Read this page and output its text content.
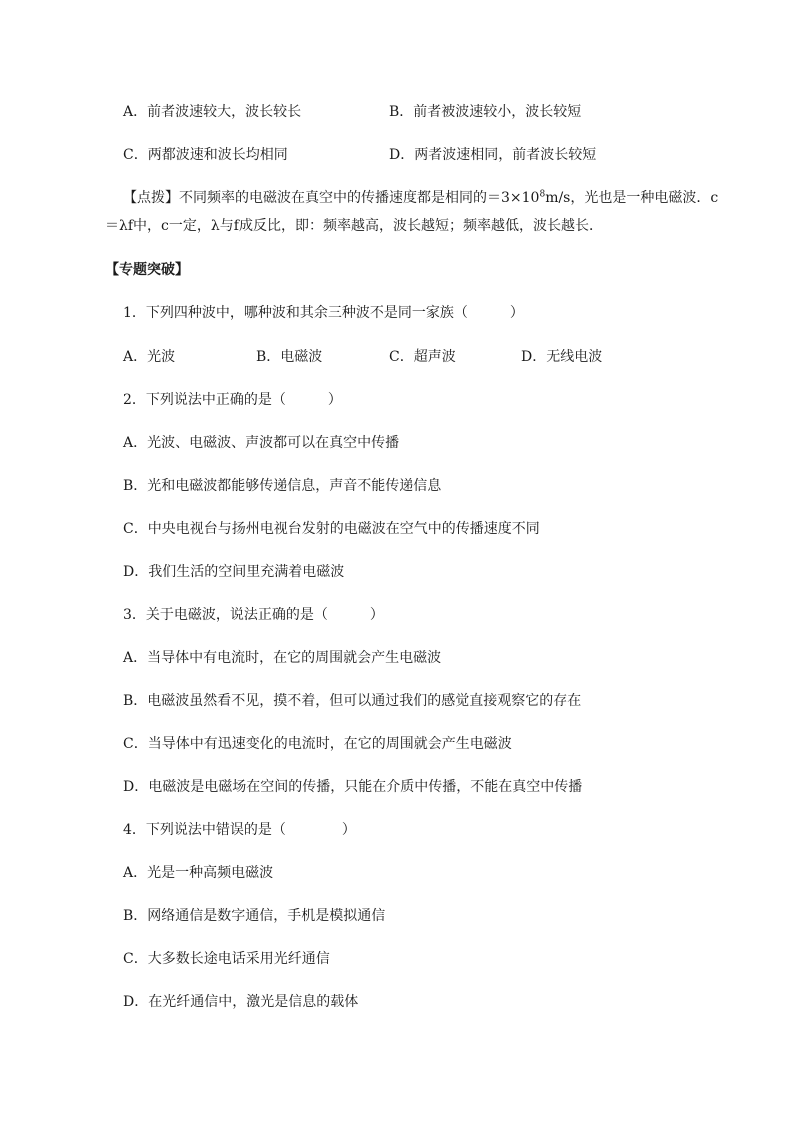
A．前者波速较大，波长较长	B．前者被波速较小，波长较短
C．两都波速和波长均相同	D．两者波速相同，前者波长较短
【点拨】不同频率的电磁波在真空中的传播速度都是相同的$=3\times 10^8m/s$，光也是一种电磁波．c
＝λf中，c一定，λ与f成反比，即：频率越高，波长越短；频率越低，波长越长．
【专题突破】
1．下列四种波中，哪种波和其余三种波不是同一家族（　　　）
A．光波	B．电磁波	C．超声波	D．无线电波
2．下列说法中正确的是（　　　）
A．光波、电磁波、声波都可以在真空中传播
B．光和电磁波都能够传递信息，声音不能传递信息
C．中央电视台与扬州电视台发射的电磁波在空气中的传播速度不同
D．我们生活的空间里充满着电磁波
3．关于电磁波，说法正确的是（　　　）
A．当导体中有电流时，在它的周围就会产生电磁波
B．电磁波虽然看不见，摸不着，但可以通过我们的感觉直接观察它的存在
C．当导体中有迅速变化的电流时，在它的周围就会产生电磁波
D．电磁波是电磁场在空间的传播，只能在介质中传播，不能在真空中传播
4．下列说法中错误的是（　　　　）
A．光是一种高频电磁波
B．网络通信是数字通信，手机是模拟通信
C．大多数长途电话采用光纤通信
D．在光纤通信中，激光是信息的载体
